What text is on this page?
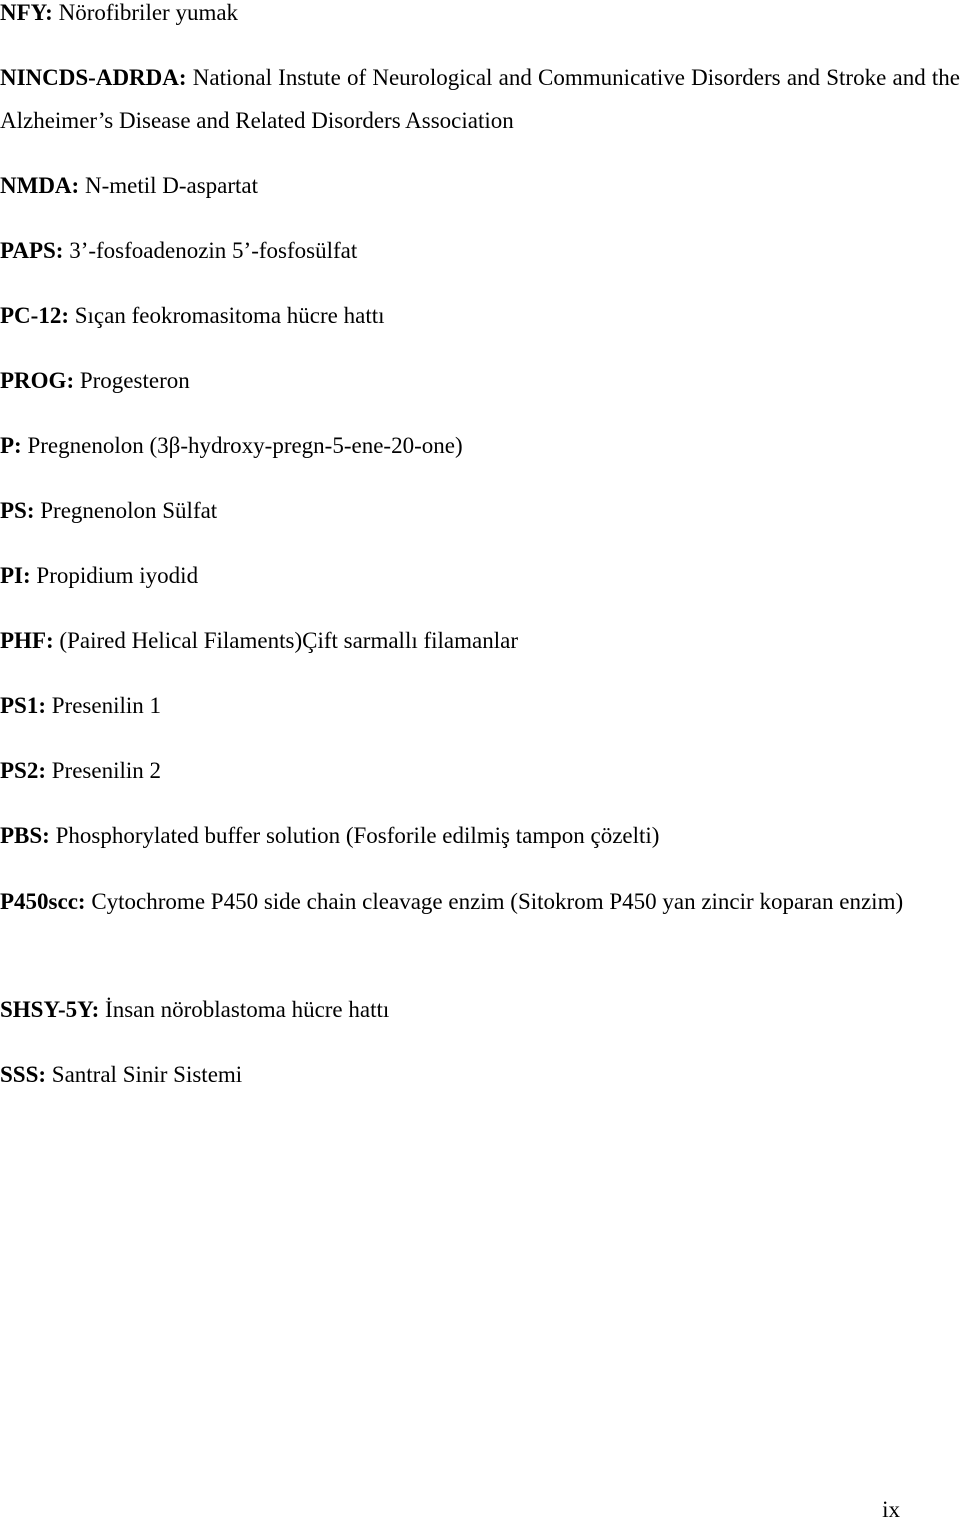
NFY: Nörofibriler yumak

NINCDS-ADRDA: National Instute of Neurological and Communicative Disorders and Stroke and the Alzheimer’s Disease and Related Disorders Association

NMDA: N-metil D-aspartat

PAPS: 3’-fosfoadenozin 5’-fosfosülfat

PC-12: Sıçan feokromasitoma hücre hattı

PROG: Progesteron

P: Pregnenolon (3β-hydroxy-pregn-5-ene-20-one)

PS: Pregnenolon Sülfat

PI: Propidium iyodid

PHF: (Paired Helical Filaments)Çift sarmallı filamanlar

PS1: Presenilin 1

PS2: Presenilin 2

PBS: Phosphorylated buffer solution (Fosforile edilmiş tampon çözelti)

P450scc: Cytochrome P450 side chain cleavage enzim (Sitokrom P450 yan zincir koparan enzim)

SHSY-5Y: İnsan nöroblastoma hücre hattı

SSS: Santral Sinir Sistemi

ix
